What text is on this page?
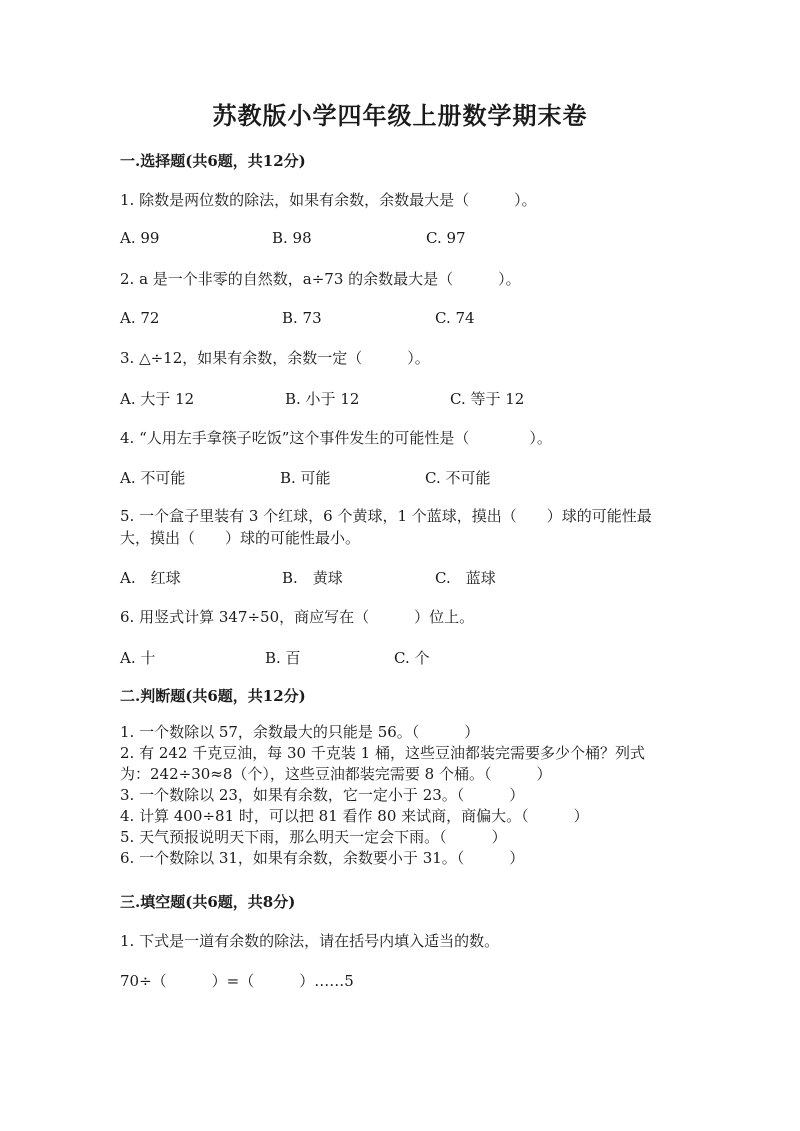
苏教版小学四年级上册数学期末卷
一.选择题(共6题，共12分)
1. 除数是两位数的除法，如果有余数，余数最大是（　　　）。
A. 99	B. 98	C. 97
2. a 是一个非零的自然数，a÷73 的余数最大是（　　　）。
A. 72	B. 73	C. 74
3. △÷12，如果有余数，余数一定（　　　）。
A. 大于 12	B. 小于 12	C. 等于 12
4. “人用左手拿筷子吃饭”这个事件发生的可能性是（　　　　）。
A. 不可能	B. 可能	C. 不可能
5. 一个盒子里装有 3 个红球，6 个黄球，1 个蓝球，摸出（　　）球的可能性最
大，摸出（　　）球的可能性最小。
A.　红球	B.　黄球	C.　蓝球
6. 用竖式计算 347÷50，商应写在（　　　）位上。
A. 十	B. 百	C. 个
二.判断题(共6题，共12分)
1. 一个数除以 57，余数最大的只能是 56。（　　　）
2. 有 242 千克豆油，每 30 千克装 1 桶，这些豆油都装完需要多少个桶？列式
为：242÷30≈8（个），这些豆油都装完需要 8 个桶。（　　　）
3. 一个数除以 23，如果有余数，它一定小于 23。（　　　）
4. 计算 400÷81 时，可以把 81 看作 80 来试商，商偏大。（　　　）
5. 天气预报说明天下雨，那么明天一定会下雨。（　　　）
6. 一个数除以 31，如果有余数，余数要小于 31。（　　　）
三.填空题(共6题，共8分)
1. 下式是一道有余数的除法，请在括号内填入适当的数。
70÷（　　　）=（　　　）……5
